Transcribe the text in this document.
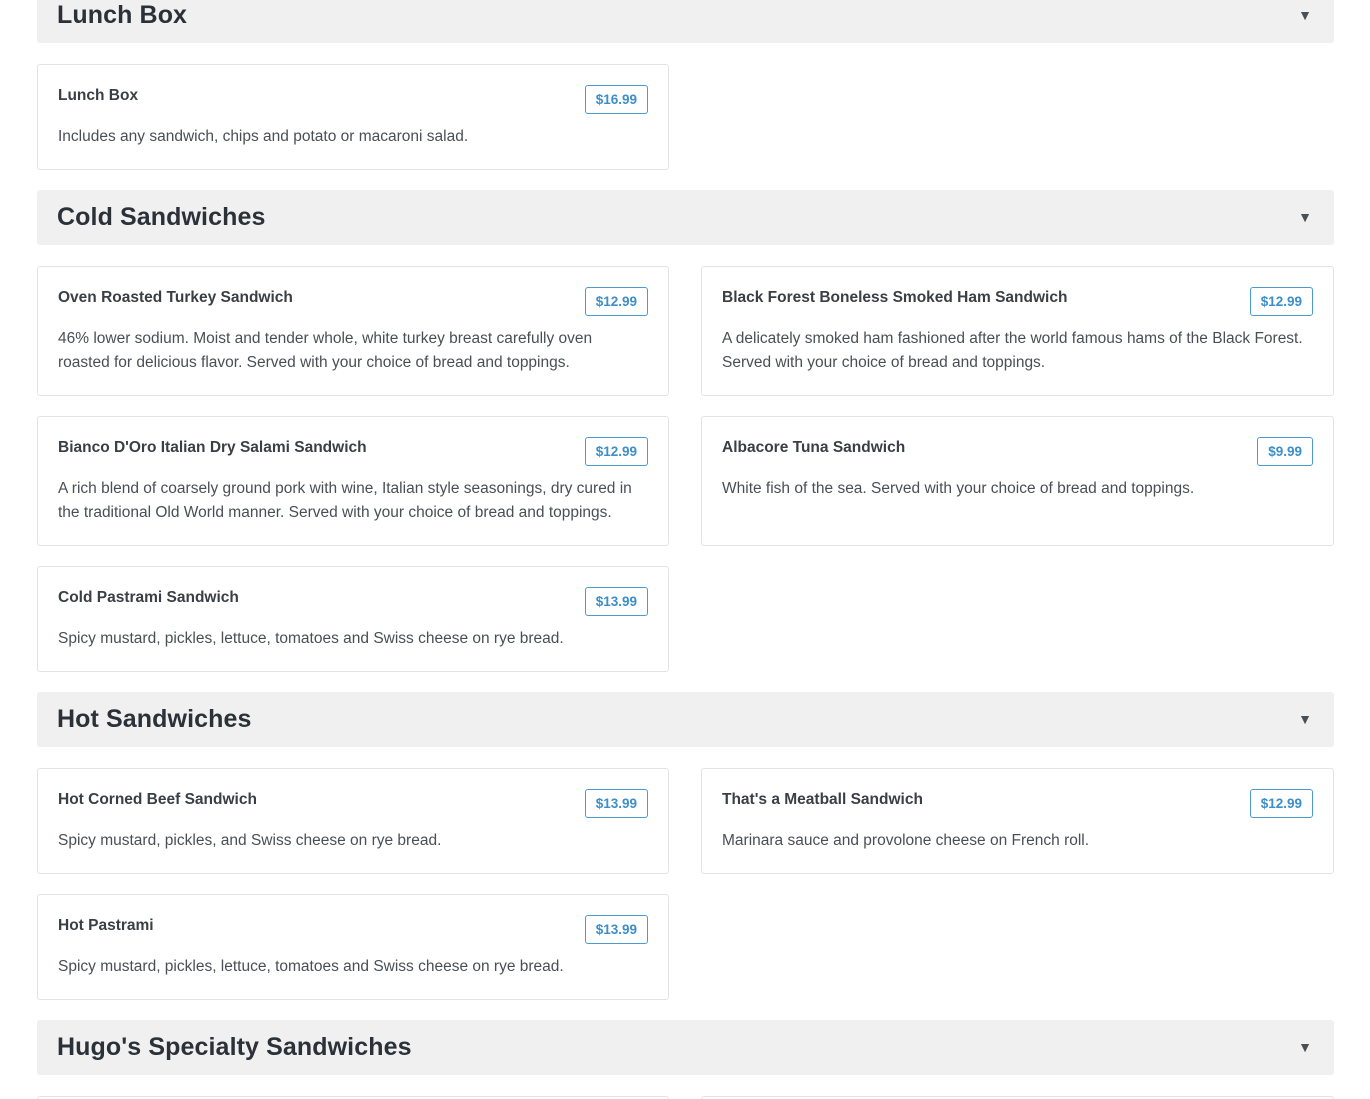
Lunch Box	▼
Lunch Box	$16.99
Includes any sandwich, chips and potato or macaroni salad.
Cold Sandwiches	▼
Oven Roasted Turkey Sandwich	$12.99
46% lower sodium. Moist and tender whole, white turkey breast carefully oven roasted for delicious flavor. Served with your choice of bread and toppings.
Black Forest Boneless Smoked Ham Sandwich	$12.99
A delicately smoked ham fashioned after the world famous hams of the Black Forest. Served with your choice of bread and toppings.
Bianco D'Oro Italian Dry Salami Sandwich	$12.99
A rich blend of coarsely ground pork with wine, Italian style seasonings, dry cured in the traditional Old World manner. Served with your choice of bread and toppings.
Albacore Tuna Sandwich	$9.99
White fish of the sea. Served with your choice of bread and toppings.
Cold Pastrami Sandwich	$13.99
Spicy mustard, pickles, lettuce, tomatoes and Swiss cheese on rye bread.
Hot Sandwiches	▼
Hot Corned Beef Sandwich	$13.99
Spicy mustard, pickles, and Swiss cheese on rye bread.
That's a Meatball Sandwich	$12.99
Marinara sauce and provolone cheese on French roll.
Hot Pastrami	$13.99
Spicy mustard, pickles, lettuce, tomatoes and Swiss cheese on rye bread.
Hugo's Specialty Sandwiches	▼
